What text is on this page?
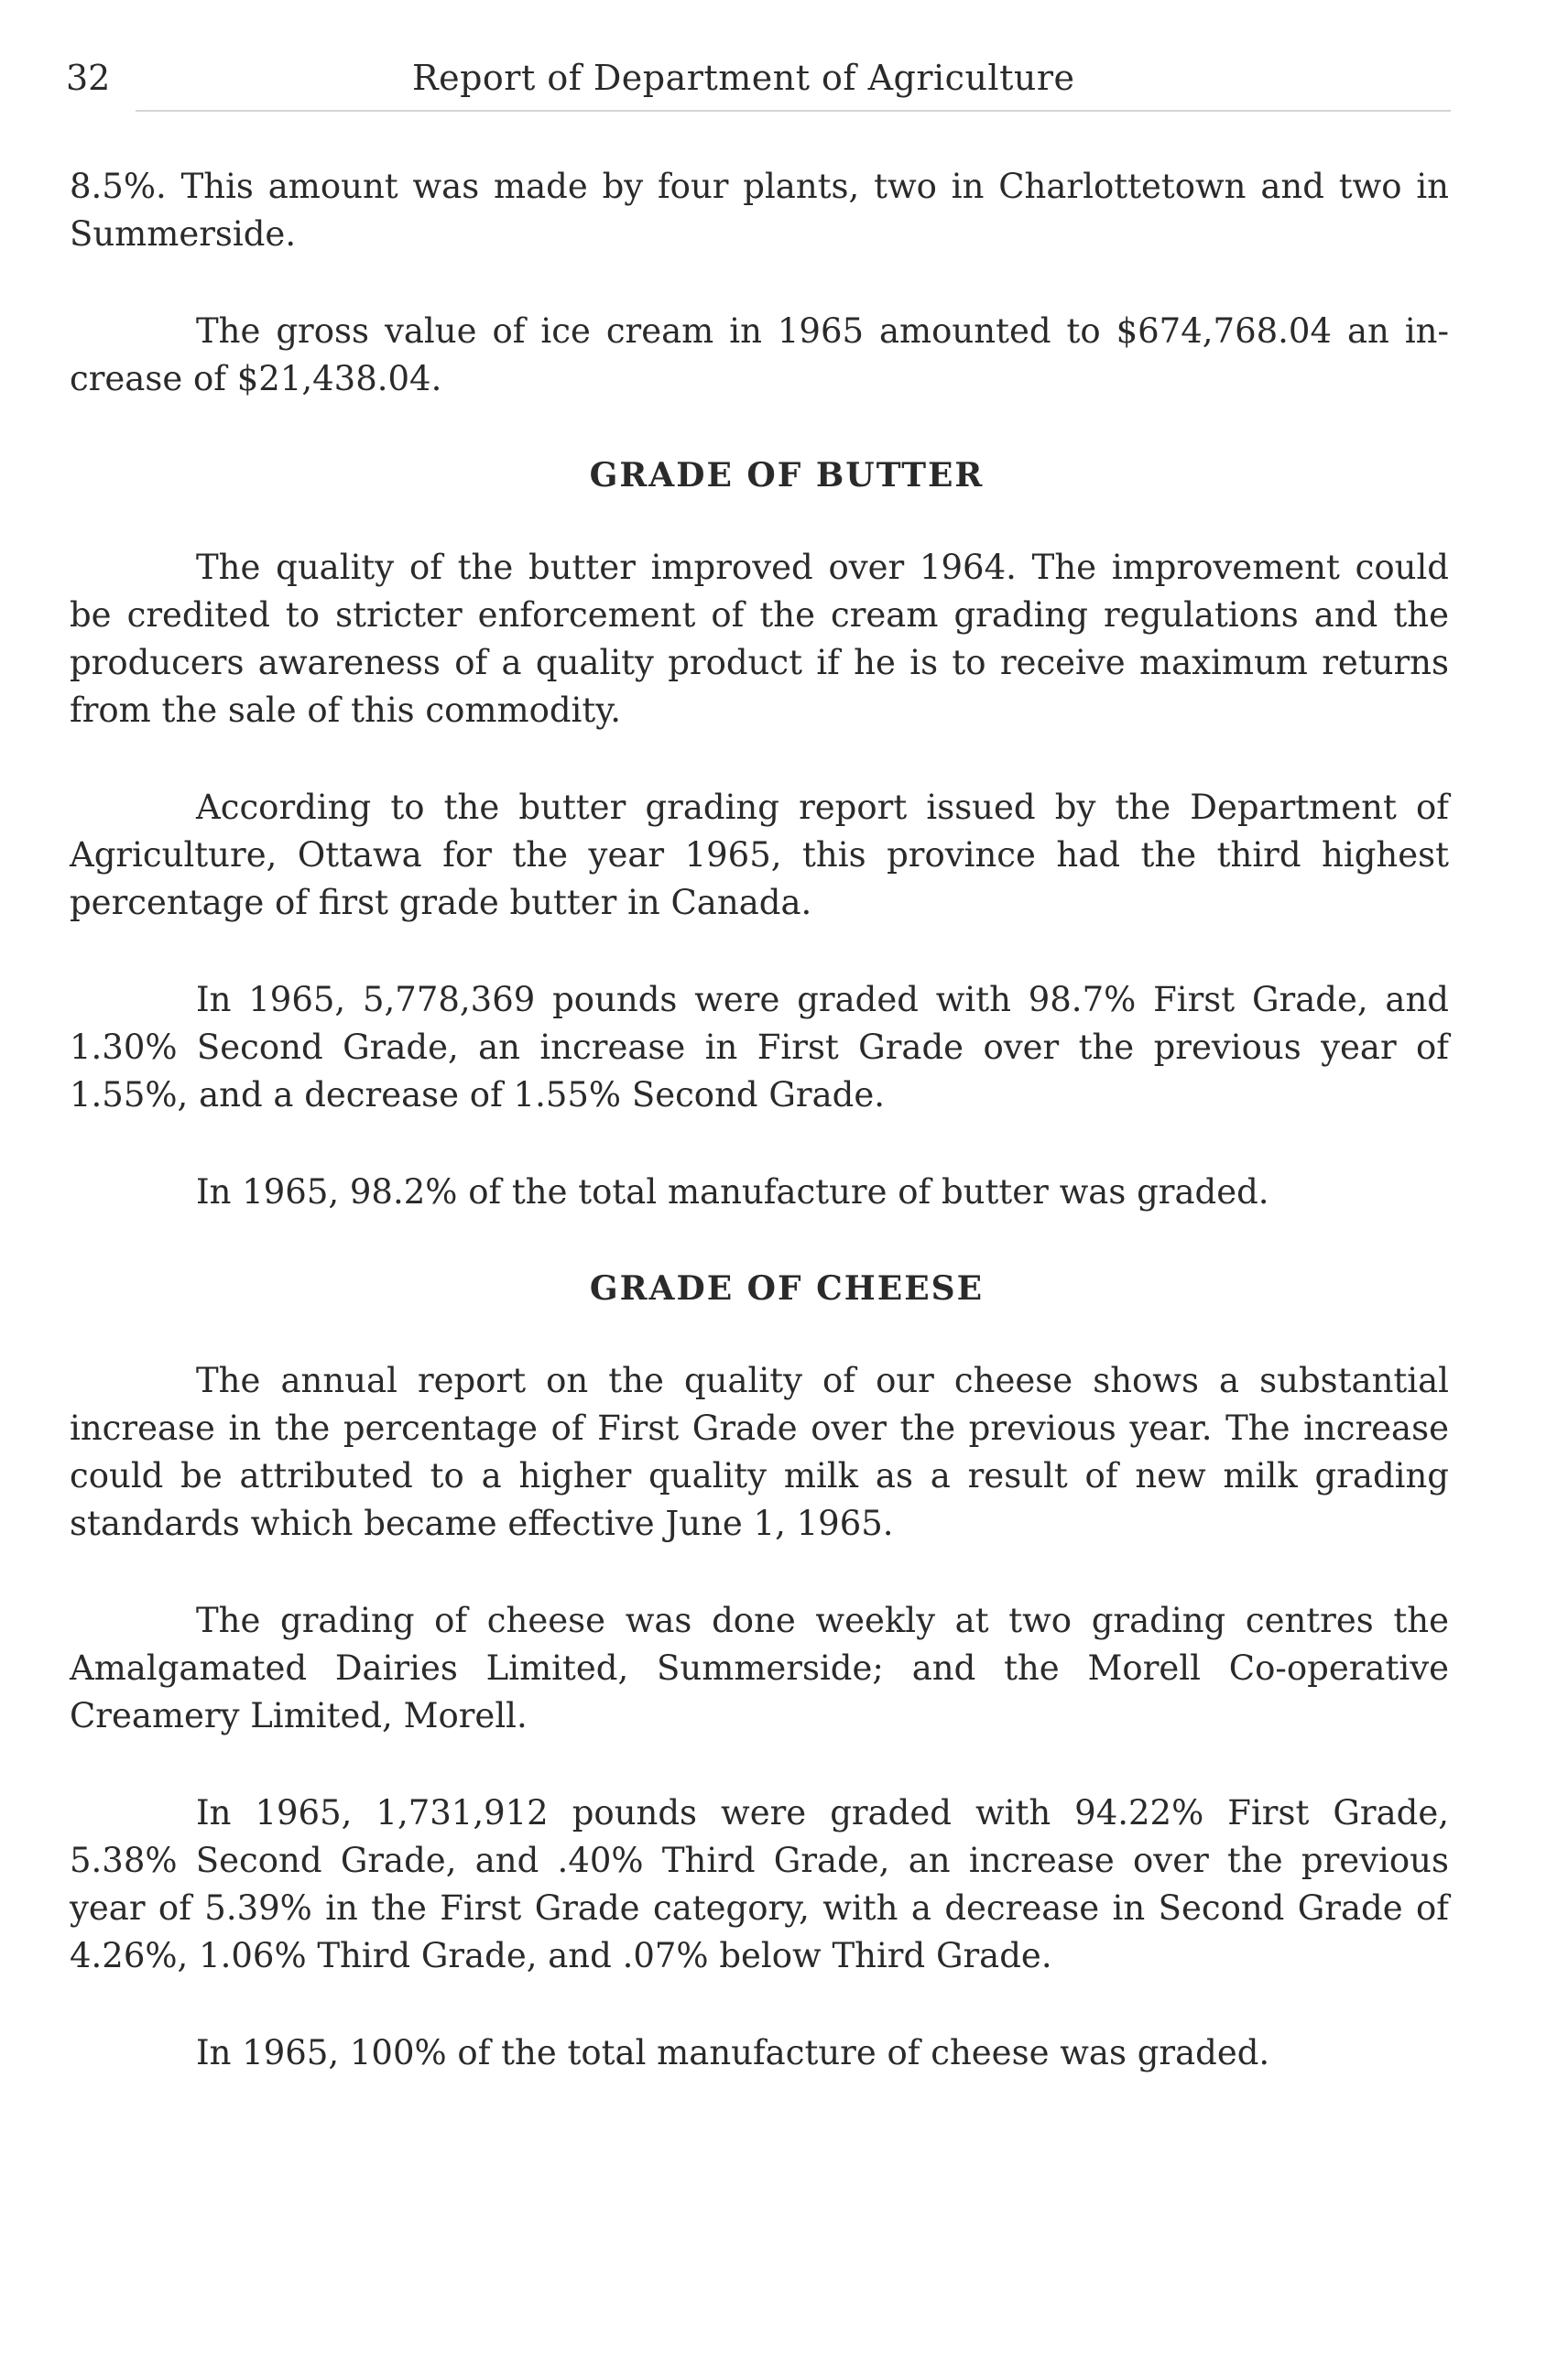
32	Report of Department of Agriculture

8.5%. This amount was made by four plants, two in Charlottetown and two in Summerside.

The gross value of ice cream in 1965 amounted to $674,768.04 an increase of $21,438.04.

GRADE OF BUTTER

The quality of the butter improved over 1964. The improvement could be credited to stricter enforcement of the cream grading regulations and the producers awareness of a quality product if he is to receive maximum returns from the sale of this commodity.

According to the butter grading report issued by the Department of Agriculture, Ottawa for the year 1965, this province had the third highest percentage of first grade butter in Canada.

In 1965, 5,778,369 pounds were graded with 98.7% First Grade, and 1.30% Second Grade, an increase in First Grade over the previous year of 1.55%, and a decrease of 1.55% Second Grade.

In 1965, 98.2% of the total manufacture of butter was graded.

GRADE OF CHEESE

The annual report on the quality of our cheese shows a substantial increase in the percentage of First Grade over the previous year. The increase could be attributed to a higher quality milk as a result of new milk grading standards which became effective June 1, 1965.

The grading of cheese was done weekly at two grading centres the Amalgamated Dairies Limited, Summerside; and the Morell Co-operative Creamery Limited, Morell.

In 1965, 1,731,912 pounds were graded with 94.22% First Grade, 5.38% Second Grade, and .40% Third Grade, an increase over the previous year of 5.39% in the First Grade category, with a decrease in Second Grade of 4.26%, 1.06% Third Grade, and .07% below Third Grade.

In 1965, 100% of the total manufacture of cheese was graded.
